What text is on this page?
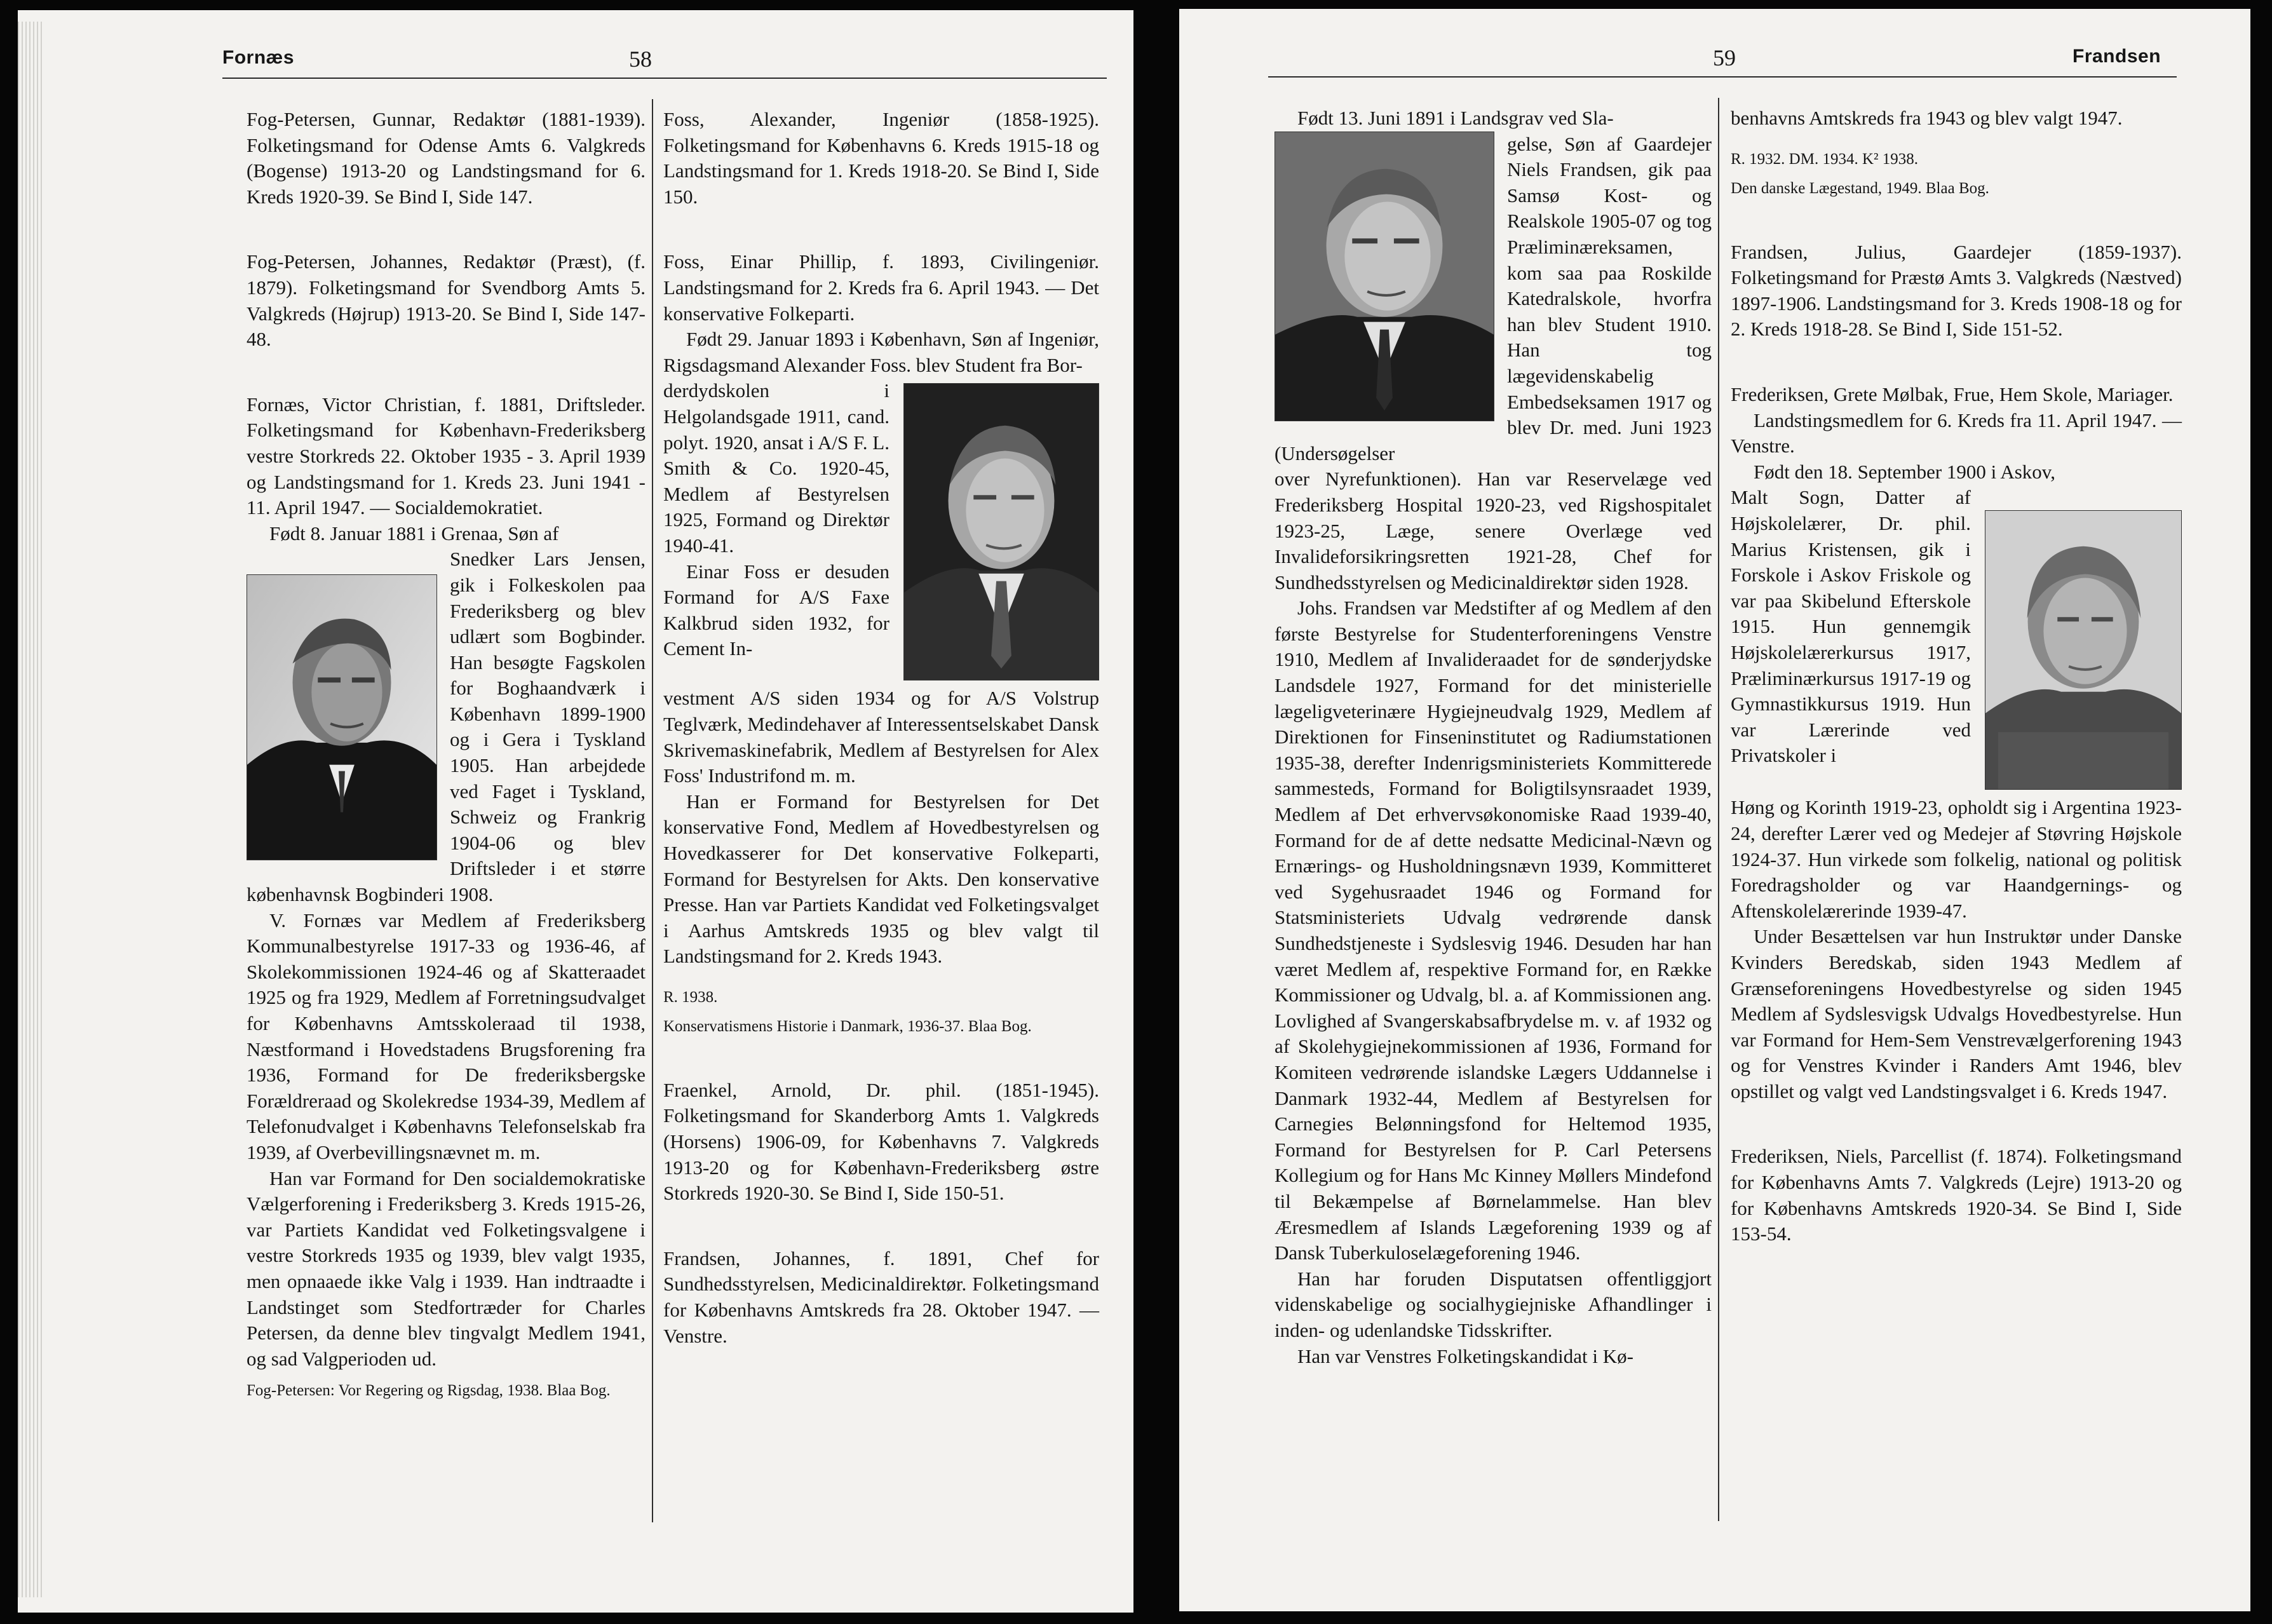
Fornæs	58

Fog-Petersen, Gunnar, Redaktør (1881-1939). Folketingsmand for Odense Amts 6. Valgkreds (Bogense) 1913-20 og Landstingsmand for 6. Kreds 1920-39. Se Bind I, Side 147.

Fog-Petersen, Johannes, Redaktør (Præst), (f. 1879). Folketingsmand for Svendborg Amts 5. Valgkreds (Højrup) 1913-20. Se Bind I, Side 147-48.

Fornæs, Victor Christian, f. 1881, Driftsleder. Folketingsmand for København-Frederiksberg vestre Storkreds 22. Oktober 1935 - 3. April 1939 og Landstingsmand for 1. Kreds 23. Juni 1941 - 11. April 1947. — Socialdemokratiet.

Født 8. Januar 1881 i Grenaa, Søn af

Snedker Lars Jensen, gik i Folkeskolen paa Frederiksberg og blev udlært som Bogbinder. Han besøgte Fagskolen for Boghaandværk i København 1899-1900 og i Gera i Tyskland 1905. Han arbejdede ved Faget i Tyskland, Schweiz og Frankrig 1904-06 og blev Driftsleder i et større københavnsk Bogbinderi 1908.

V. Fornæs var Medlem af Frederiksberg Kommunalbestyrelse 1917-33 og 1936-46, af Skolekommissionen 1924-46 og af Skatteraadet 1925 og fra 1929, Medlem af Forretningsudvalget for Københavns Amtsskoleraad til 1938, Næstformand i Hovedstadens Brugsforening fra 1936, Formand for De frederiksbergske Forældreraad og Skolekredse 1934-39, Medlem af Telefonudvalget i Københavns Telefonselskab fra 1939, af Overbevillingsnævnet m. m.

Han var Formand for Den socialdemokratiske Vælgerforening i Frederiksberg 3. Kreds 1915-26, var Partiets Kandidat ved Folketingsvalgene i vestre Storkreds 1935 og 1939, blev valgt 1935, men opnaaede ikke Valg i 1939. Han indtraadte i Landstinget som Stedfortræder for Charles Petersen, da denne blev tingvalgt Medlem 1941, og sad Valgperioden ud.

Fog-Petersen: Vor Regering og Rigsdag, 1938. Blaa Bog.

Foss, Alexander, Ingeniør (1858-1925). Folketingsmand for Københavns 6. Kreds 1915-18 og Landstingsmand for 1. Kreds 1918-20. Se Bind I, Side 150.

Foss, Einar Phillip, f. 1893, Civilingeniør. Landstingsmand for 2. Kreds fra 6. April 1943. — Det konservative Folkeparti.

Født 29. Januar 1893 i København, Søn af Ingeniør, Rigsdagsmand Alexander Foss. blev Student fra Bor-

derdydskolen i Helgolandsgade 1911, cand. polyt. 1920, ansat i A/S F. L. Smith & Co. 1920-45, Medlem af Bestyrelsen 1925, Formand og Direktør 1940-41.

Einar Foss er desuden Formand for A/S Faxe Kalkbrud siden 1932, for Cement In-

vestment A/S siden 1934 og for A/S Volstrup Teglværk, Medindehaver af Interessentselskabet Dansk Skrivemaskinefabrik, Medlem af Bestyrelsen for Alex Foss' Industrifond m. m.

Han er Formand for Bestyrelsen for Det konservative Fond, Medlem af Hovedbestyrelsen og Hovedkasserer for Det konservative Folkeparti, Formand for Bestyrelsen for Akts. Den konservative Presse. Han var Partiets Kandidat ved Folketingsvalget i Aarhus Amtskreds 1935 og blev valgt til Landstingsmand for 2. Kreds 1943.

R. 1938.

Konservatismens Historie i Danmark, 1936-37. Blaa Bog.

Fraenkel, Arnold, Dr. phil. (1851-1945). Folketingsmand for Skanderborg Amts 1. Valgkreds (Horsens) 1906-09, for Københavns 7. Valgkreds 1913-20 og for København-Frederiksberg østre Storkreds 1920-30. Se Bind I, Side 150-51.

Frandsen, Johannes, f. 1891, Chef for Sundhedsstyrelsen, Medicinaldirektør. Folketingsmand for Københavns Amtskreds fra 28. Oktober 1947. — Venstre.

59	Frandsen

Født 13. Juni 1891 i Landsgrav ved Sla-

gelse, Søn af Gaardejer Niels Frandsen, gik paa Samsø Kost- og Realskole 1905-07 og tog Præliminæreksamen, kom saa paa Roskilde Katedralskole, hvorfra han blev Student 1910. Han tog lægevidenskabelig Embedseksamen 1917 og blev Dr. med. Juni 1923 (Undersøgelser

over Nyrefunktionen). Han var Reservelæge ved Frederiksberg Hospital 1920-23, ved Rigshospitalet 1923-25, Læge, senere Overlæge ved Invalideforsikringsretten 1921-28, Chef for Sundhedsstyrelsen og Medicinaldirektør siden 1928.

Johs. Frandsen var Medstifter af og Medlem af den første Bestyrelse for Studenterforeningens Venstre 1910, Medlem af Invalideraadet for de sønderjydske Landsdele 1927, Formand for det ministerielle lægeligveterinære Hygiejneudvalg 1929, Medlem af Direktionen for Finseninstitutet og Radiumstationen 1935-38, derefter Indenrigsministeriets Kommitterede sammesteds, Formand for Boligtilsynsraadet 1939, Medlem af Det erhvervsøkonomiske Raad 1939-40, Formand for de af dette nedsatte Medicinal-Nævn og Ernærings- og Husholdningsnævn 1939, Kommitteret ved Sygehusraadet 1946 og Formand for Statsministeriets Udvalg vedrørende dansk Sundhedstjeneste i Sydslesvig 1946. Desuden har han været Medlem af, respektive Formand for, en Række Kommissioner og Udvalg, bl. a. af Kommissionen ang. Lovlighed af Svangerskabsafbrydelse m. v. af 1932 og af Skolehygiejnekommissionen af 1936, Formand for Komiteen vedrørende islandske Lægers Uddannelse i Danmark 1932-44, Medlem af Bestyrelsen for Carnegies Belønningsfond for Heltemod 1935, Formand for Bestyrelsen for P. Carl Petersens Kollegium og for Hans Mc Kinney Møllers Mindefond til Bekæmpelse af Børnelammelse. Han blev Æresmedlem af Islands Lægeforening 1939 og af Dansk Tuberkuloselægeforening 1946.

Han har foruden Disputatsen offentliggjort videnskabelige og socialhygiejniske Afhandlinger i inden- og udenlandske Tidsskrifter.

Han var Venstres Folketingskandidat i Kø-

benhavns Amtskreds fra 1943 og blev valgt 1947.

R. 1932. DM. 1934. K² 1938.

Den danske Lægestand, 1949. Blaa Bog.

Frandsen, Julius, Gaardejer (1859-1937). Folketingsmand for Præstø Amts 3. Valgkreds (Næstved) 1897-1906. Landstingsmand for 3. Kreds 1908-18 og for 2. Kreds 1918-28. Se Bind I, Side 151-52.

Frederiksen, Grete Mølbak, Frue, Hem Skole, Mariager.

Landstingsmedlem for 6. Kreds fra 11. April 1947. — Venstre.

Født den 18. September 1900 i Askov,

Malt Sogn, Datter af Højskolelærer, Dr. phil. Marius Kristensen, gik i Forskole i Askov Friskole og var paa Skibelund Efterskole 1915. Hun gennemgik Højskolelærerkursus 1917, Præliminærkursus 1917-19 og Gymnastikkursus 1919. Hun var Lærerinde ved Privatskoler i

Høng og Korinth 1919-23, opholdt sig i Argentina 1923-24, derefter Lærer ved og Medejer af Støvring Højskole 1924-37. Hun virkede som folkelig, national og politisk Foredragsholder og var Haandgernings- og Aftenskolelærerinde 1939-47.

Under Besættelsen var hun Instruktør under Danske Kvinders Beredskab, siden 1943 Medlem af Grænseforeningens Hovedbestyrelse og siden 1945 Medlem af Sydslesvigsk Udvalgs Hovedbestyrelse. Hun var Formand for Hem-Sem Venstrevælgerforening 1943 og for Venstres Kvinder i Randers Amt 1946, blev opstillet og valgt ved Landstingsvalget i 6. Kreds 1947.

Frederiksen, Niels, Parcellist (f. 1874). Folketingsmand for Københavns Amts 7. Valgkreds (Lejre) 1913-20 og for Københavns Amtskreds 1920-34. Se Bind I, Side 153-54.
